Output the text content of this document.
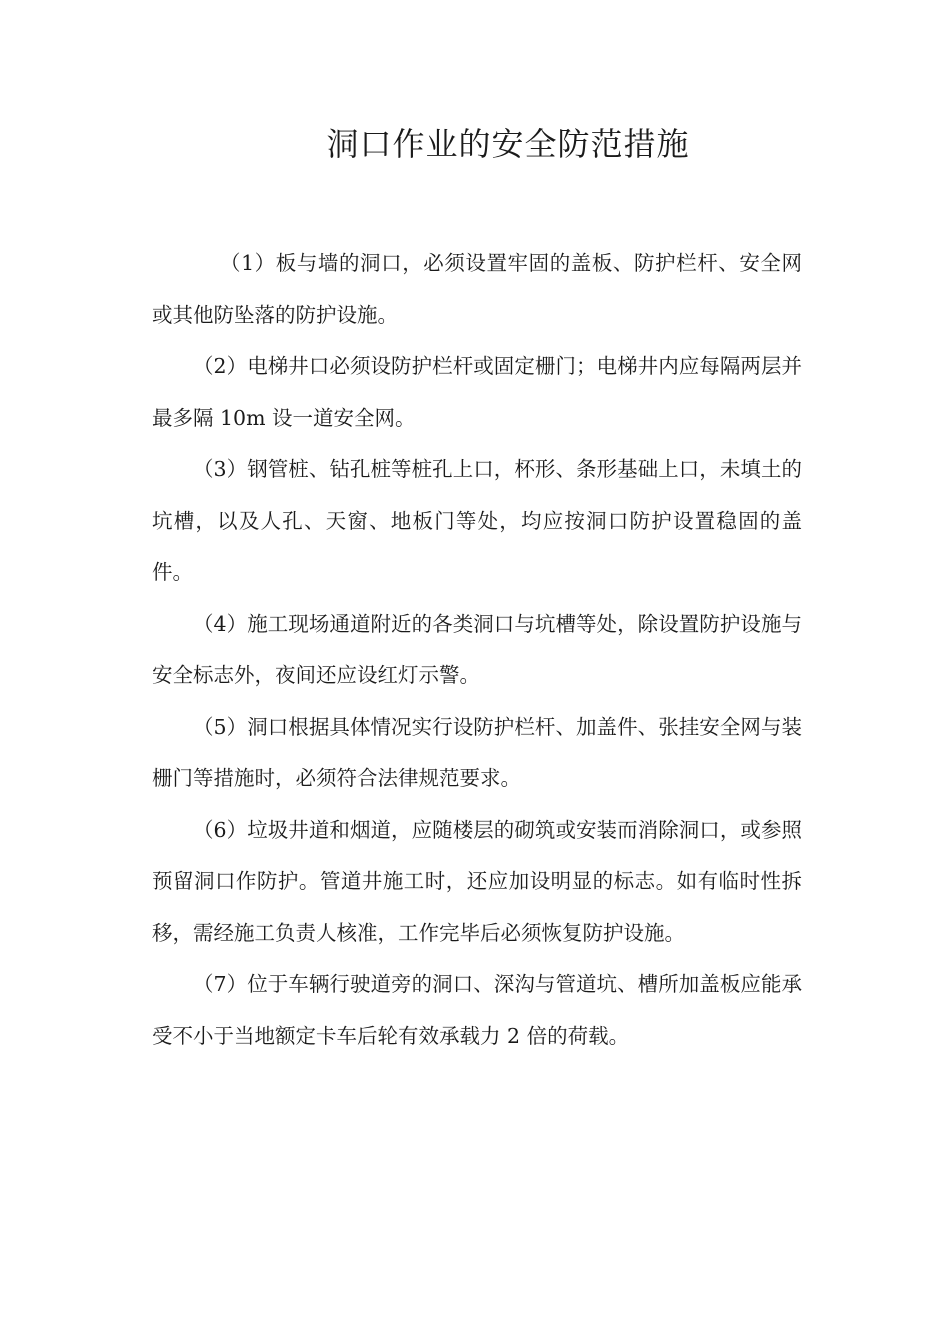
洞口作业的安全防范措施

（1）板与墙的洞口，必须设置牢固的盖板、防护栏杆、安全网或其他防坠落的防护设施。

（2）电梯井口必须设防护栏杆或固定栅门；电梯井内应每隔两层并最多隔 10m 设一道安全网。

（3）钢管桩、钻孔桩等桩孔上口，杯形、条形基础上口，未填土的坑槽，以及人孔、天窗、地板门等处，均应按洞口防护设置稳固的盖件。

（4）施工现场通道附近的各类洞口与坑槽等处，除设置防护设施与安全标志外，夜间还应设红灯示警。

（5）洞口根据具体情况实行设防护栏杆、加盖件、张挂安全网与装栅门等措施时，必须符合法律规范要求。

（6）垃圾井道和烟道，应随楼层的砌筑或安装而消除洞口，或参照预留洞口作防护。管道井施工时，还应加设明显的标志。如有临时性拆移，需经施工负责人核准，工作完毕后必须恢复防护设施。

（7）位于车辆行驶道旁的洞口、深沟与管道坑、槽所加盖板应能承受不小于当地额定卡车后轮有效承载力 2 倍的荷载。
